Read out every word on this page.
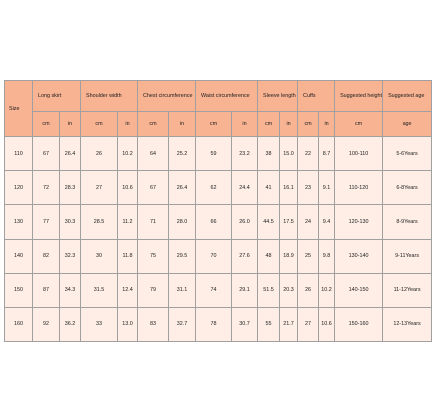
Size	Long skirt		Shoulder width		Chest circumference		Waist circumference		Sleeve length		Cuffs		Suggested height	Suggested age
	cm	in	cm	in	cm	in	cm	in	cm	in	cm	in	cm	age
110	67	26.4	26	10.2	64	25.2	59	23.2	38	15.0	22	8.7	100-110	5-6Years
120	72	28.3	27	10.6	67	26.4	62	24.4	41	16.1	23	9.1	110-120	6-8Years
130	77	30.3	28.5	11.2	71	28.0	66	26.0	44.5	17.5	24	9.4	120-130	8-9Years
140	82	32.3	30	11.8	75	29.5	70	27.6	48	18.9	25	9.8	130-140	9-11Years
150	87	34.3	31.5	12.4	79	31.1	74	29.1	51.5	20.3	26	10.2	140-150	11-12Years
160	92	36.2	33	13.0	83	32.7	78	30.7	55	21.7	27	10.6	150-160	12-13Years
